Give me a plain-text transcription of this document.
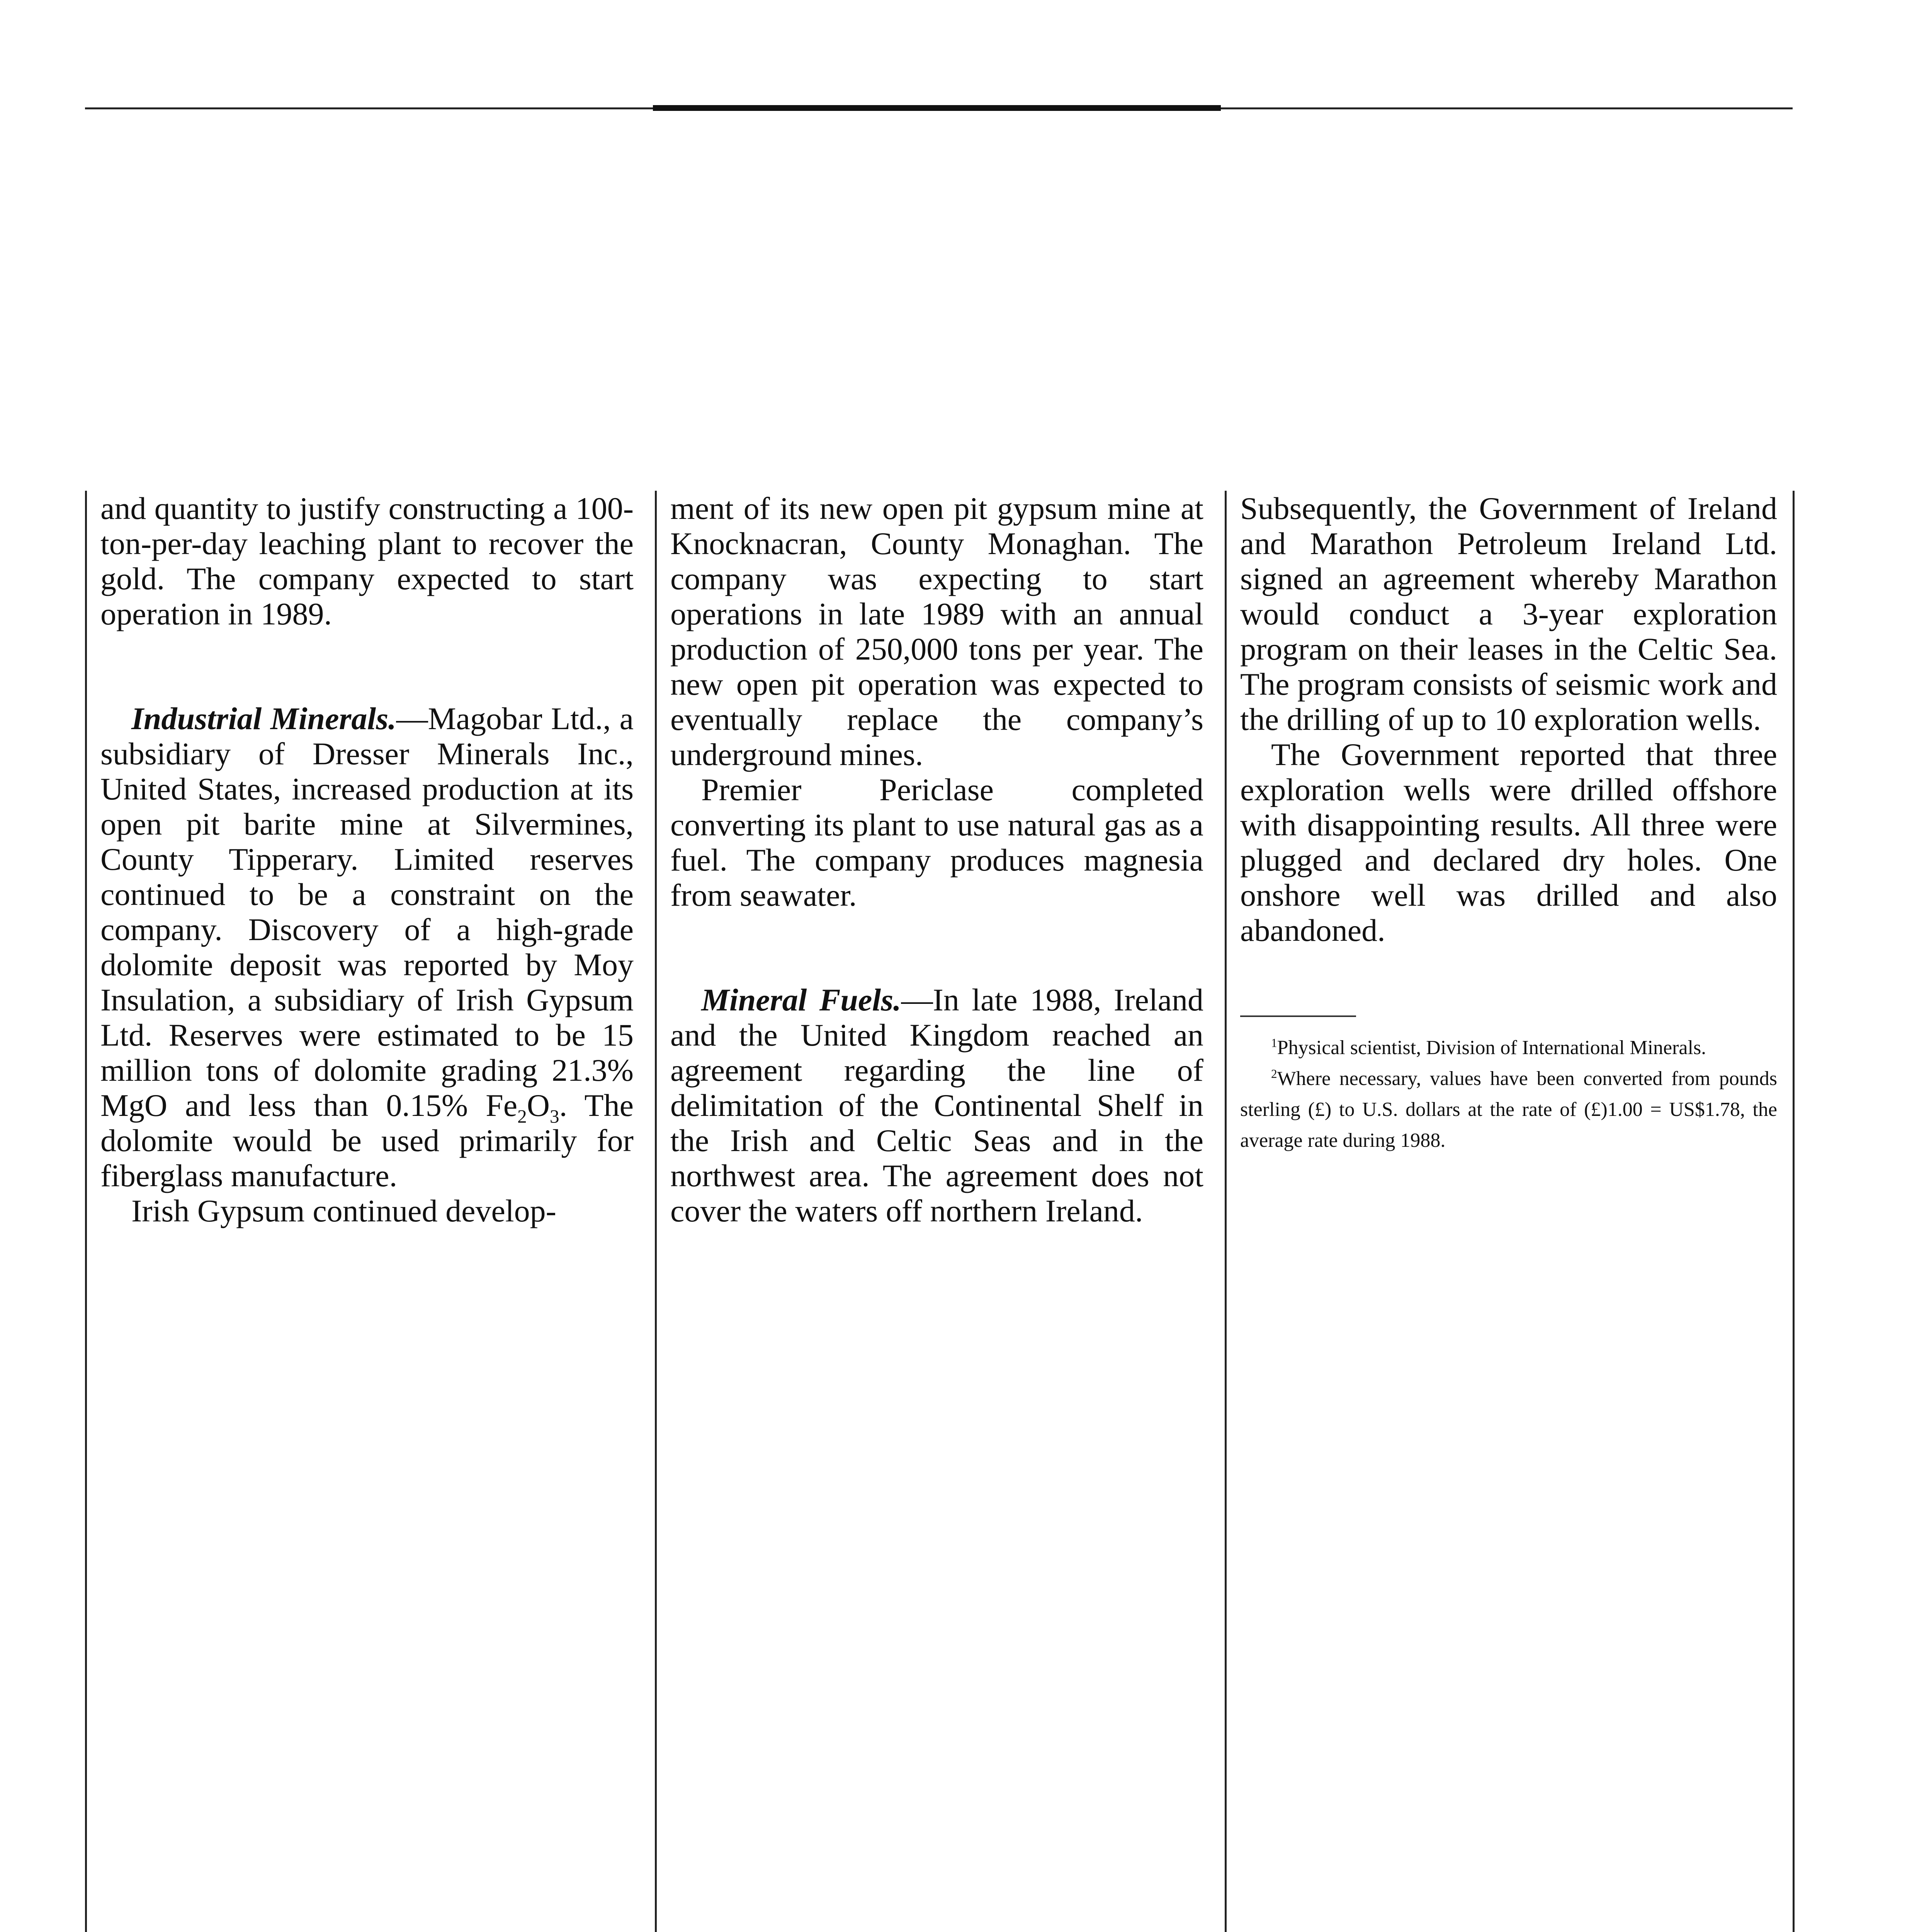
and quantity to justify constructing a 100-ton-per-day leaching plant to recover the gold. The company expected to start operation in 1989.

Industrial Minerals.—Magobar Ltd., a subsidiary of Dresser Minerals Inc., United States, increased production at its open pit barite mine at Silvermines, County Tipperary. Limited reserves continued to be a constraint on the company. Discovery of a high-grade dolomite deposit was reported by Moy Insulation, a subsidiary of Irish Gypsum Ltd. Reserves were estimated to be 15 million tons of dolomite grading 21.3% MgO and less than 0.15% $Fe_2O_3$. The dolomite would be used primarily for fiberglass manufacture.

Irish Gypsum continued develop-

ment of its new open pit gypsum mine at Knocknacran, County Monaghan. The company was expecting to start operations in late 1989 with an annual production of 250,000 tons per year. The new open pit operation was expected to eventually replace the company’s underground mines.

Premier Periclase completed converting its plant to use natural gas as a fuel. The company produces magnesia from seawater.

Mineral Fuels.—In late 1988, Ireland and the United Kingdom reached an agreement regarding the line of delimitation of the Continental Shelf in the Irish and Celtic Seas and in the northwest area. The agreement does not cover the waters off northern Ireland.

Subsequently, the Government of Ireland and Marathon Petroleum Ireland Ltd. signed an agreement whereby Marathon would conduct a 3-year exploration program on their leases in the Celtic Sea. The program consists of seismic work and the drilling of up to 10 exploration wells.

The Government reported that three exploration wells were drilled offshore with disappointing results. All three were plugged and declared dry holes. One onshore well was drilled and also abandoned.

$^1$Physical scientist, Division of International Minerals.

$^2$Where necessary, values have been converted from pounds sterling (£) to U.S. dollars at the rate of (£)1.00 = US$1.78, the average rate during 1988.
